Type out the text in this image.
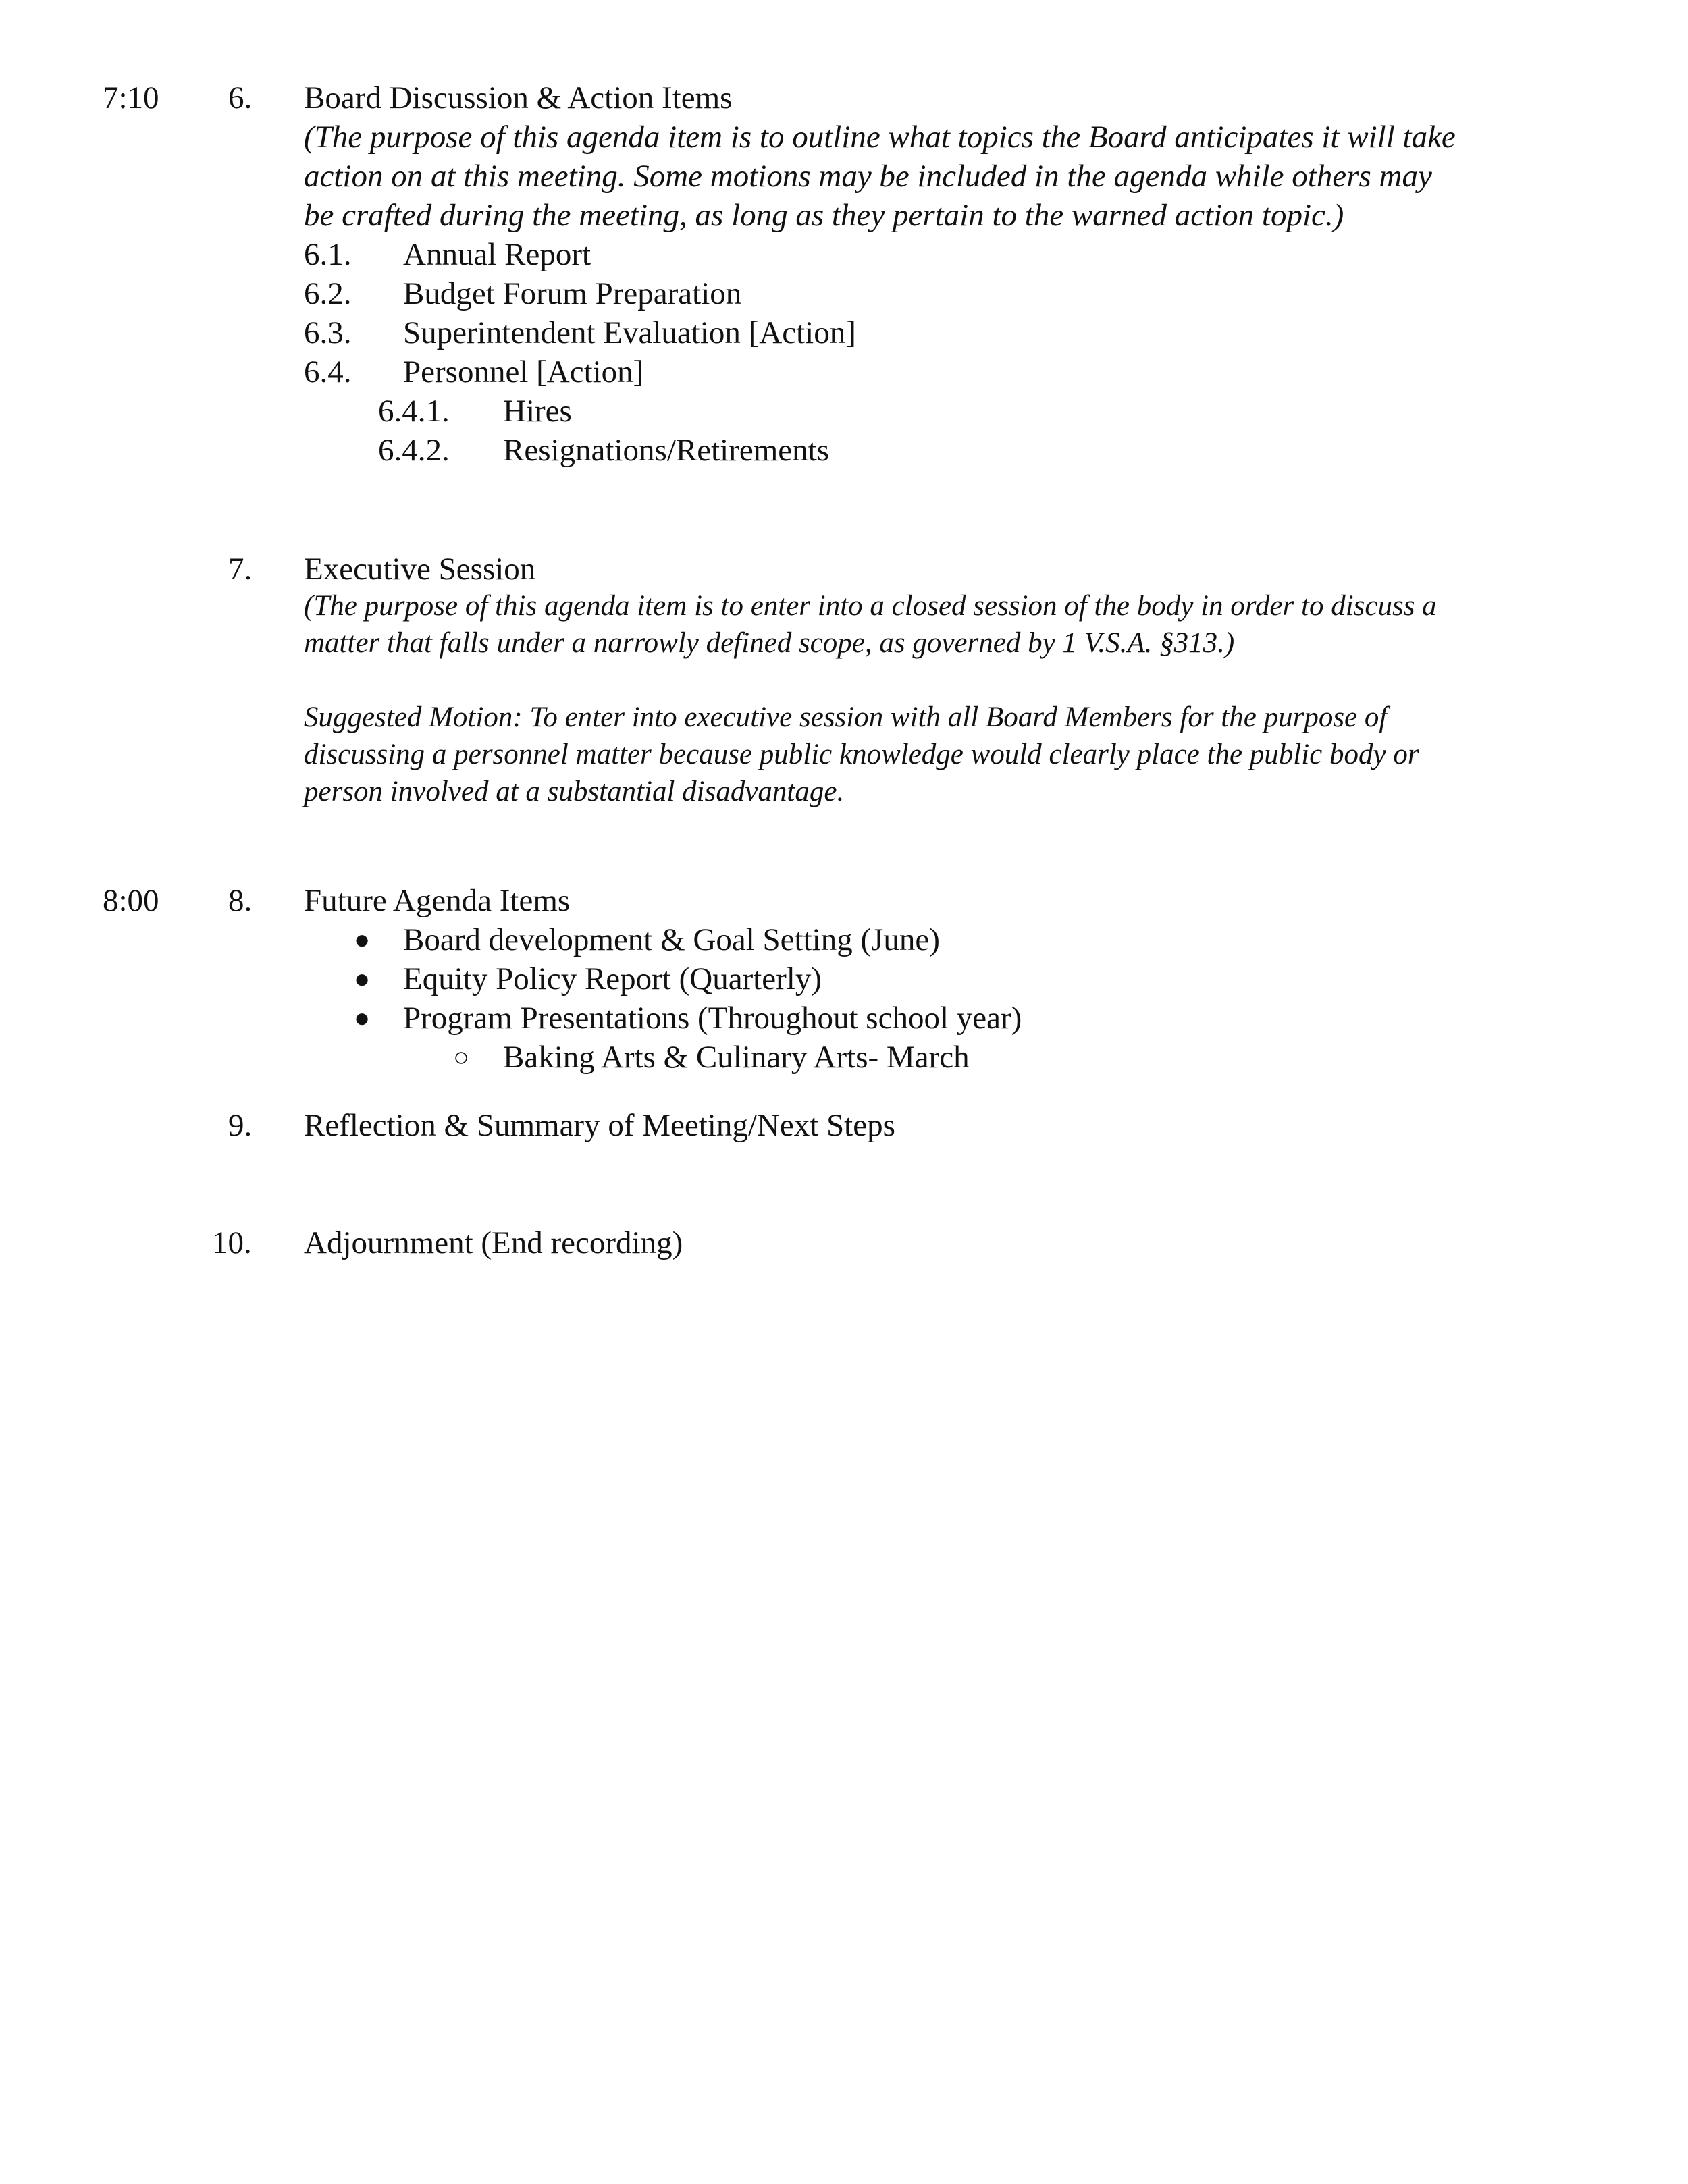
7:10 6. Board Discussion & Action Items
(The purpose of this agenda item is to outline what topics the Board anticipates it will take
action on at this meeting. Some motions may be included in the agenda while others may
be crafted during the meeting, as long as they pertain to the warned action topic.)
6.1. Annual Report
6.2. Budget Forum Preparation
6.3. Superintendent Evaluation [Action]
6.4. Personnel [Action]
6.4.1. Hires
6.4.2. Resignations/Retirements
7. Executive Session
(The purpose of this agenda item is to enter into a closed session of the body in order to discuss a
matter that falls under a narrowly defined scope, as governed by 1 V.S.A. §313.)
Suggested Motion: To enter into executive session with all Board Members for the purpose of
discussing a personnel matter because public knowledge would clearly place the public body or
person involved at a substantial disadvantage.
8:00 8. Future Agenda Items
● Board development & Goal Setting (June)
● Equity Policy Report (Quarterly)
● Program Presentations (Throughout school year)
○ Baking Arts & Culinary Arts- March
9. Reflection & Summary of Meeting/Next Steps
10. Adjournment (End recording)
